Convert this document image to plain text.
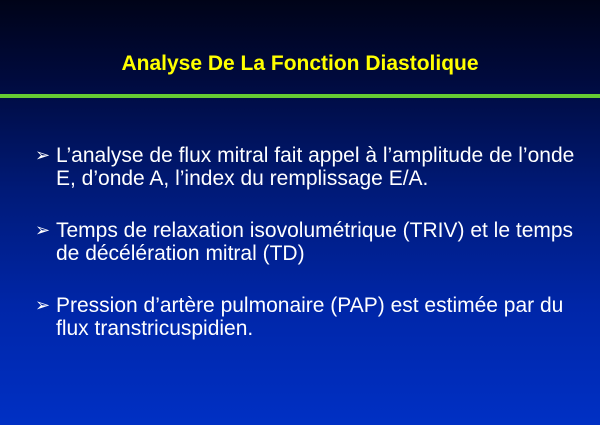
Analyse De La Fonction Diastolique
➢ L’analyse de flux mitral fait appel à l’amplitude de l’onde E, d’onde A, l’index du remplissage E/A.
➢ Temps de relaxation isovolumétrique (TRIV) et le temps de décélération mitral (TD)
➢ Pression d’artère pulmonaire (PAP) est estimée par du flux transtricuspidien.
